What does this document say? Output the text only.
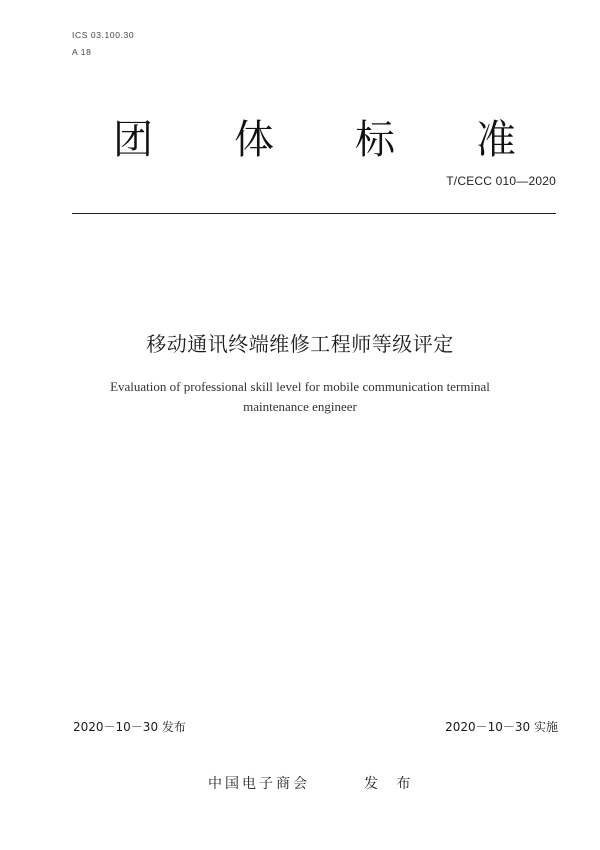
ICS 03.100.30
A 18
团 体 标 准
T/CECC 010—2020
移动通讯终端维修工程师等级评定
Evaluation of professional skill level for mobile communication terminal
maintenance engineer
2020－10－30 发布	2020－10－30 实施
中国电子商会	发 布
